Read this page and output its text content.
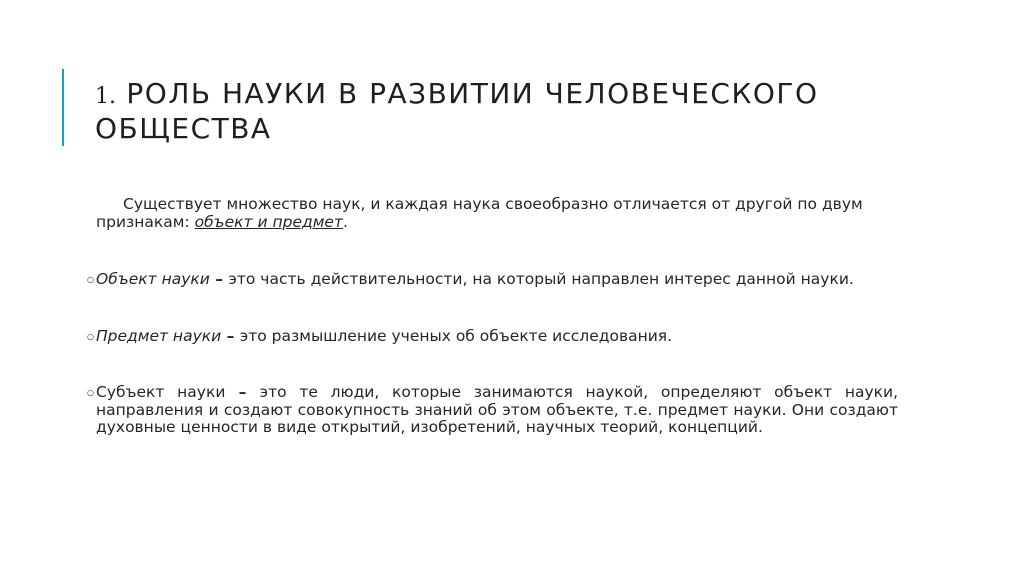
1. РОЛЬ НАУКИ В РАЗВИТИИ ЧЕЛОВЕЧЕСКОГО ОБЩЕСТВА

Существует множество наук, и каждая наука своеобразно отличается от другой по двум признакам: объект и предмет.

○ Объект науки – это часть действительности, на который направлен интерес данной науки.

○ Предмет науки – это размышление ученых об объекте исследования.

○ Субъект науки – это те люди, которые занимаются наукой, определяют объект науки, направления и создают совокупность знаний об этом объекте, т.е. предмет науки. Они создают духовные ценности в виде открытий, изобретений, научных теорий, концепций.
